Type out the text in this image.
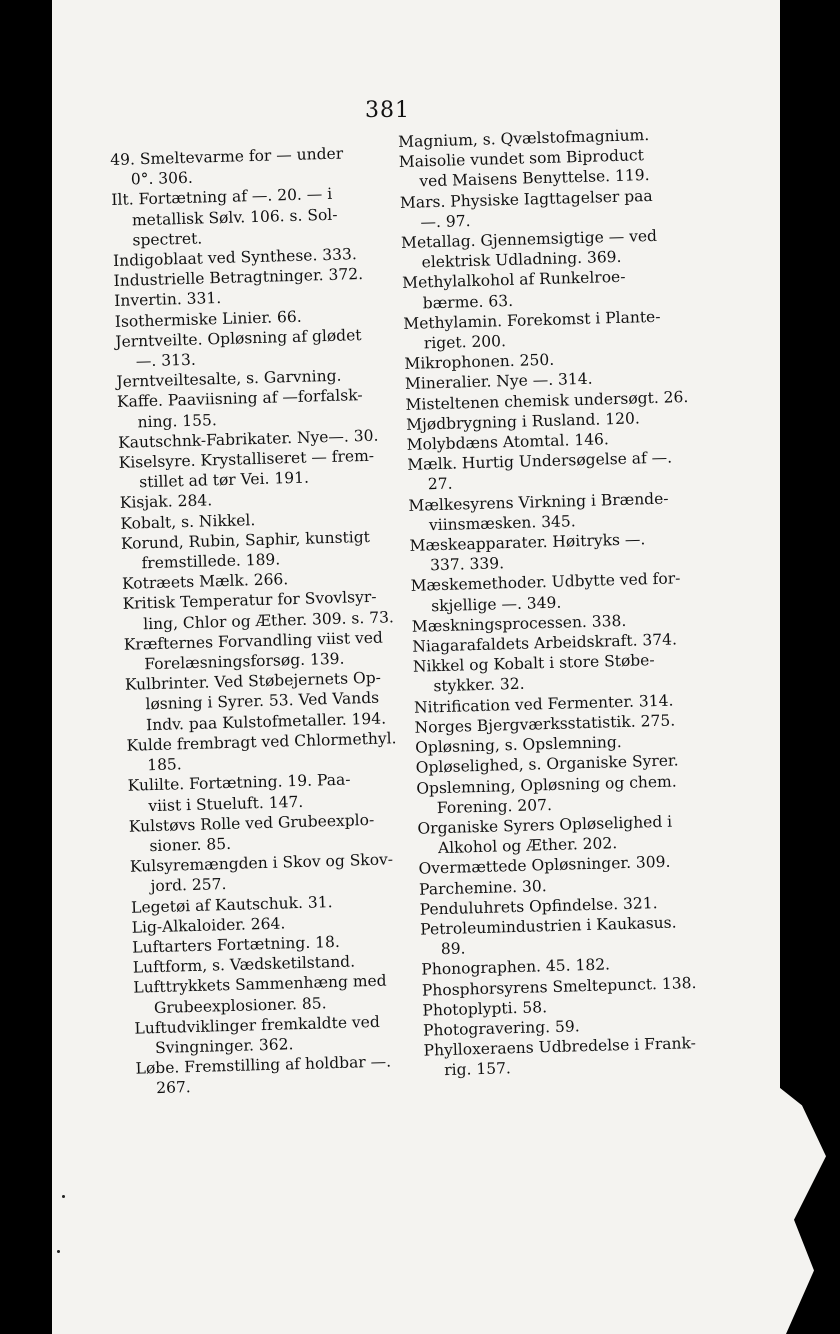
381
49. Smeltevarme for — under
0°. 306.
Ilt. Fortætning af —. 20. — i
metallisk Sølv. 106. s. Sol-
spectret.
Indigoblaat ved Synthese. 333.
Industrielle Betragtninger. 372.
Invertin. 331.
Isothermiske Linier. 66.
Jerntveilte. Opløsning af glødet
—. 313.
Jerntveiltesalte, s. Garvning.
Kaffe. Paaviisning af —forfalsk-
ning. 155.
Kautschnk-Fabrikater. Nye—. 30.
Kiselsyre. Krystalliseret — frem-
stillet ad tør Vei. 191.
Kisjak. 284.
Kobalt, s. Nikkel.
Korund, Rubin, Saphir, kunstigt
fremstillede. 189.
Kotræets Mælk. 266.
Kritisk Temperatur for Svovlsyr-
ling, Chlor og Æther. 309. s. 73.
Kræfternes Forvandling viist ved
Forelæsningsforsøg. 139.
Kulbrinter. Ved Støbejernets Op-
løsning i Syrer. 53. Ved Vands
Indv. paa Kulstofmetaller. 194.
Kulde frembragt ved Chlormethyl.
185.
Kulilte. Fortætning. 19. Paa-
viist i Stueluft. 147.
Kulstøvs Rolle ved Grubeexplo-
sioner. 85.
Kulsyremængden i Skov og Skov-
jord. 257.
Legetøi af Kautschuk. 31.
Lig-Alkaloider. 264.
Luftarters Fortætning. 18.
Luftform, s. Vædsketilstand.
Lufttrykkets Sammenhæng med
Grubeexplosioner. 85.
Luftudviklinger fremkaldte ved
Svingninger. 362.
Løbe. Fremstilling af holdbar —.
267.
Magnium, s. Qvælstofmagnium.
Maisolie vundet som Biproduct
ved Maisens Benyttelse. 119.
Mars. Physiske Iagttagelser paa
—. 97.
Metallag. Gjennemsigtige — ved
elektrisk Udladning. 369.
Methylalkohol af Runkelroe-
bærme. 63.
Methylamin. Forekomst i Plante-
riget. 200.
Mikrophonen. 250.
Mineralier. Nye —. 314.
Misteltenen chemisk undersøgt. 26.
Mjødbrygning i Rusland. 120.
Molybdæns Atomtal. 146.
Mælk. Hurtig Undersøgelse af —.
27.
Mælkesyrens Virkning i Brænde-
viinsmæsken. 345.
Mæskeapparater. Høitryks —.
337. 339.
Mæskemethoder. Udbytte ved for-
skjellige —. 349.
Mæskningsprocessen. 338.
Niagarafaldets Arbeidskraft. 374.
Nikkel og Kobalt i store Støbe-
stykker. 32.
Nitrification ved Fermenter. 314.
Norges Bjergværksstatistik. 275.
Opløsning, s. Opslemning.
Opløselighed, s. Organiske Syrer.
Opslemning, Opløsning og chem.
Forening. 207.
Organiske Syrers Opløselighed i
Alkohol og Æther. 202.
Overmættede Opløsninger. 309.
Parchemine. 30.
Penduluhrets Opfindelse. 321.
Petroleumindustrien i Kaukasus.
89.
Phonographen. 45. 182.
Phosphorsyrens Smeltepunct. 138.
Photoplypti. 58.
Photogravering. 59.
Phylloxeraens Udbredelse i Frank-
rig. 157.
